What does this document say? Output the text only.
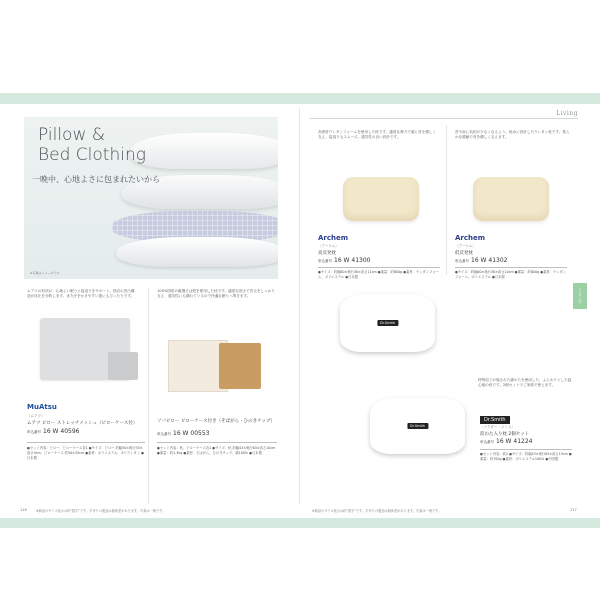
Living
リビング
Pillow &
Bed Clothing
一晩中、心地よさに包まれたいから
※写真はイメージです。
ムアツの形状が、心地よい眠りと寝返りをサポート。独自の凹凸構造が体圧を分散します。また汗をかきやすい夏にもぴったりです。
100%国産の厳選そば殻を使用した枕です。適度な固さで首元をしっかり支え、通気性にも優れているので快適な眠りへ導きます。
MuAtsu
〈ムアツ〉
ムアツ ピロー ストレッチメッシュ（ピローケース付）
申込番号 16 W 40596
●セット内容：ピロー、ピローケース各1 ●サイズ：ピロー 約幅50×奥行35×高さ9cm、ピローケース 約50×35cm ●素材：ポリエステル、ポリウレタン ●日本製
ソバピロー ピローケース付き（そばがら・ひのきチップ）
申込番号 16 W 00553
●セット内容：枕、ピローケース各1 ●サイズ：枕 約幅43×奥行63×高さ10cm ●重量：約1.3kg ●素材：そばがら、ひのきチップ、綿100% ●日本製
高密度ウレタンフォームを使用した枕です。適度な弾力で頭と首を優しく支え、寝返りもスムーズ。通気性の良い設計です。
首や肩に負担が少なくなるよう、低めに設計したウレタン枕です。柔らかな感触で首を優しく支えます。
Archem
〈アーケム〉
高反発枕
申込番号 16 W 41300
●サイズ：約幅60×奥行38×高さ11cm ●重量：約600g ●素材：ウレタンフォーム、ポリエステル ●日本製
Archem
〈アーケム〉
低反発枕
申込番号 16 W 41302
●サイズ：約幅60×奥行38×高さ10cm ●重量：約600g ●素材：ウレタンフォーム、ポリエステル ●日本製
Dr.Smith
Dr.Smith
特殊加工が施された綿わたを使用した、ふんわりとした寝心地の枕です。2個セットでご家族で使えます。
Dr.Smith
〈ドクター・スミス〉
涙わた入り枕 2個セット
申込番号 16 W 41224
●セット内容：枕2 ●サイズ：約幅43×奥行63×高さ15cm ●重量：約700g ●素材：ポリエステル100% ●中国製
116	※商品のサイズ表示は約“数字”です。手作りの製品は個体差があります。写真は一例です。	※商品のサイズ表示は約“数字”です。手作りの製品は個体差があります。写真は一例です。	117
